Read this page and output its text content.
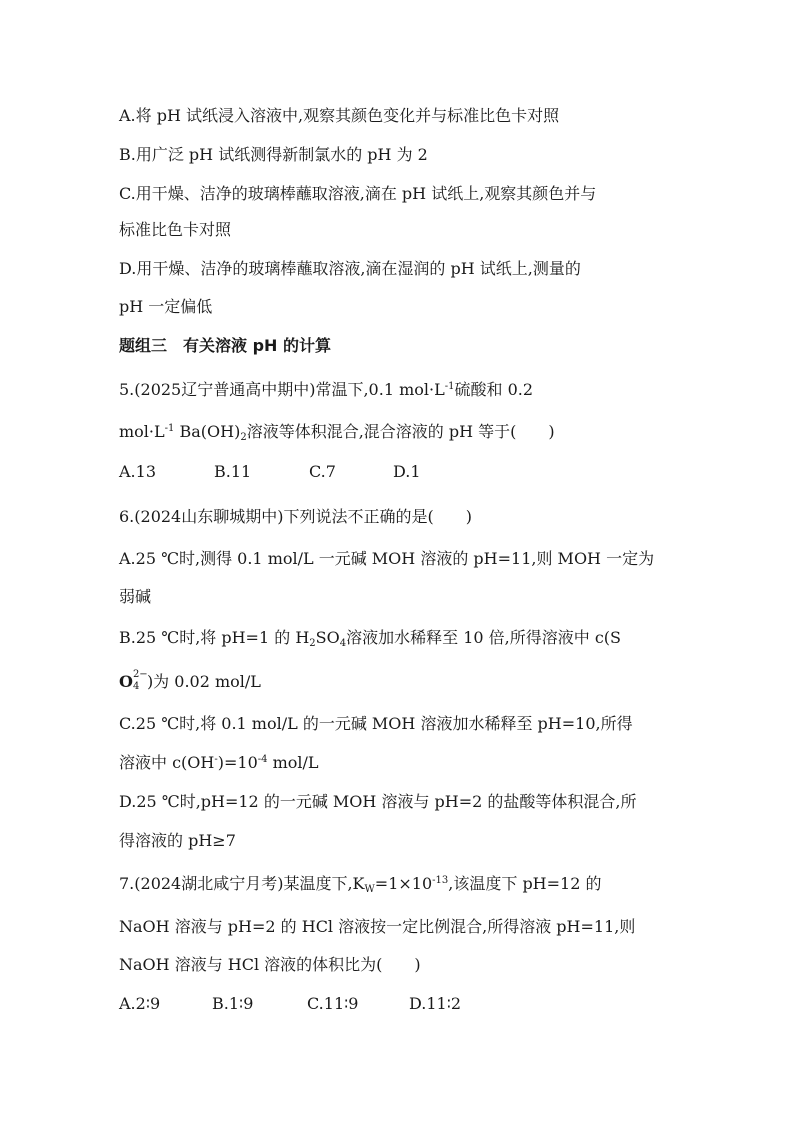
A.将 pH 试纸浸入溶液中,观察其颜色变化并与标准比色卡对照
B.用广泛 pH 试纸测得新制氯水的 pH 为 2
C.用干燥、洁净的玻璃棒蘸取溶液,滴在 pH 试纸上,观察其颜色并与
标准比色卡对照
D.用干燥、洁净的玻璃棒蘸取溶液,滴在湿润的 pH 试纸上,测量的
pH 一定偏低
题组三　有关溶液 pH 的计算
5.(2025辽宁普通高中期中)常温下,0.1 $mol\cdot L^{-1}$硫酸和 0.2
$mol\cdot L^{-1}$ $Ba(OH)_2$溶液等体积混合,混合溶液的 pH 等于(　　)
A.13	B.11	C.7	D.1
6.(2024山东聊城期中)下列说法不正确的是(　　)
A.25 ℃时,测得 0.1 mol/L 一元碱 MOH 溶液的 pH=11,则 MOH 一定为
弱碱
B.25 ℃时,将 pH=1 的 $H_2SO_4$溶液加水稀释至 10 倍,所得溶液中 c(S
O 2−
4 )为 0.02 mol/L
C.25 ℃时,将 0.1 mol/L 的一元碱 MOH 溶液加水稀释至 pH=10,所得
溶液中 $c(OH^-)=10^{-4}$ mol/L
D.25 ℃时,pH=12 的一元碱 MOH 溶液与 pH=2 的盐酸等体积混合,所
得溶液的 pH≥7
7.(2024湖北咸宁月考)某温度下$,K_W=1\times 10^{-13}$,该温度下 pH=12 的
NaOH 溶液与 pH=2 的 HCl 溶液按一定比例混合,所得溶液 pH=11,则
NaOH 溶液与 HCl 溶液的体积比为(　　)
A.2∶9	B.1∶9	C.11∶9	D.11∶2
